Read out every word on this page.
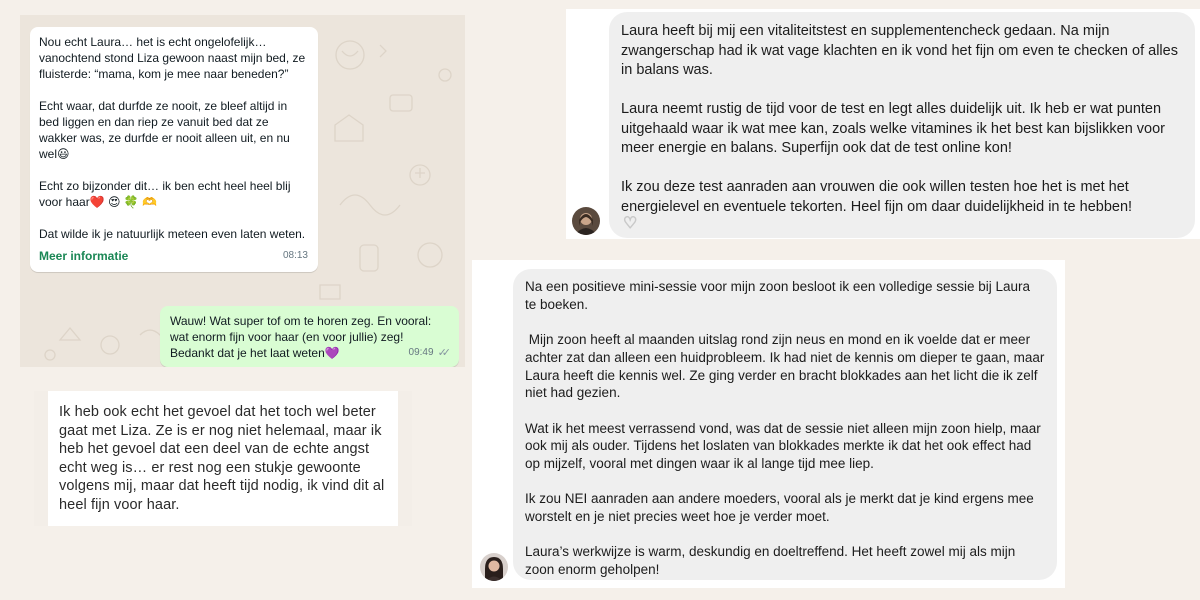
Nou echt Laura… het is echt ongelofelijk… vanochtend stond Liza gewoon naast mijn bed, ze fluisterde: “mama, kom je mee naar beneden?”

Echt waar, dat durfde ze nooit, ze bleef altijd in bed liggen en dan riep ze vanuit bed dat ze wakker was, ze durfde er nooit alleen uit, en nu wel😃

Echt zo bijzonder dit… ik ben echt heel heel blij voor haar❤️ 😍 🍀 🫶

Dat wilde ik je natuurlijk meteen even laten weten.

Meer informatie	08:13
Wauw! Wat super tof om te horen zeg. En vooral: wat enorm fijn voor haar (en voor jullie) zeg! Bedankt dat je het laat weten💜	09:49 ✓✓
Ik heb ook echt het gevoel dat het toch wel beter gaat met Liza. Ze is er nog niet helemaal, maar ik heb het gevoel dat een deel van de echte angst echt weg is… er rest nog een stukje gewoonte volgens mij, maar dat heeft tijd nodig, ik vind dit al heel fijn voor haar.

Laura heeft bij mij een vitaliteitstest en supplementencheck gedaan. Na mijn zwangerschap had ik wat vage klachten en ik vond het fijn om even te checken of alles in balans was.

Laura neemt rustig de tijd voor de test en legt alles duidelijk uit. Ik heb er wat punten uitgehaald waar ik wat mee kan, zoals welke vitamines ik het best kan bijslikken voor meer energie en balans. Superfijn ook dat de test online kon!

Ik zou deze test aanraden aan vrouwen die ook willen testen hoe het is met het energielevel en eventuele tekorten. Heel fijn om daar duidelijkheid in te hebben!

♡

Na een positieve mini-sessie voor mijn zoon besloot ik een volledige sessie bij Laura te boeken.

Mijn zoon heeft al maanden uitslag rond zijn neus en mond en ik voelde dat er meer achter zat dan alleen een huidprobleem. Ik had niet de kennis om dieper te gaan, maar Laura heeft die kennis wel. Ze ging verder en bracht blokkades aan het licht die ik zelf niet had gezien.

Wat ik het meest verrassend vond, was dat de sessie niet alleen mijn zoon hielp, maar ook mij als ouder. Tijdens het loslaten van blokkades merkte ik dat het ook effect had op mijzelf, vooral met dingen waar ik al lange tijd mee liep.

Ik zou NEI aanraden aan andere moeders, vooral als je merkt dat je kind ergens mee worstelt en je niet precies weet hoe je verder moet.

Laura’s werkwijze is warm, deskundig en doeltreffend. Het heeft zowel mij als mijn zoon enorm geholpen!
